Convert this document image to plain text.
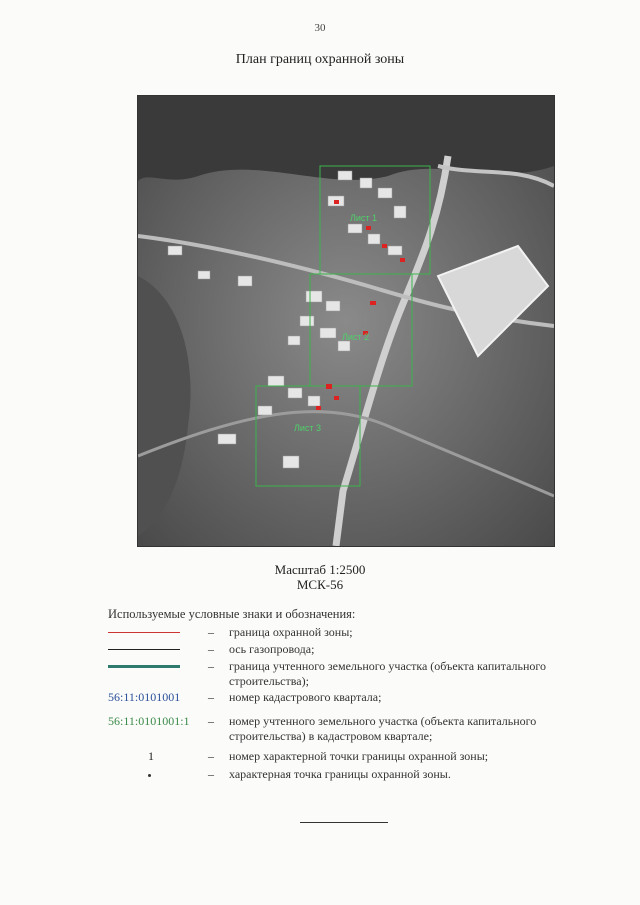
30
План границ охранной зоны
Лист 1
Лист 2
Лист 3
Масштаб 1:2500
МСК-56
Используемые условные знаки и обозначения:
– граница охранной зоны;
– ось газопровода;
– граница учтенного земельного участка (объекта капитального строительства);
56:11:0101001	– номер кадастрового квартала;
56:11:0101001:1 – номер учтенного земельного участка (объекта капитального строительства) в кадастровом квартале;
1	– номер характерной точки границы охранной зоны;
– характерная точка границы охранной зоны.
